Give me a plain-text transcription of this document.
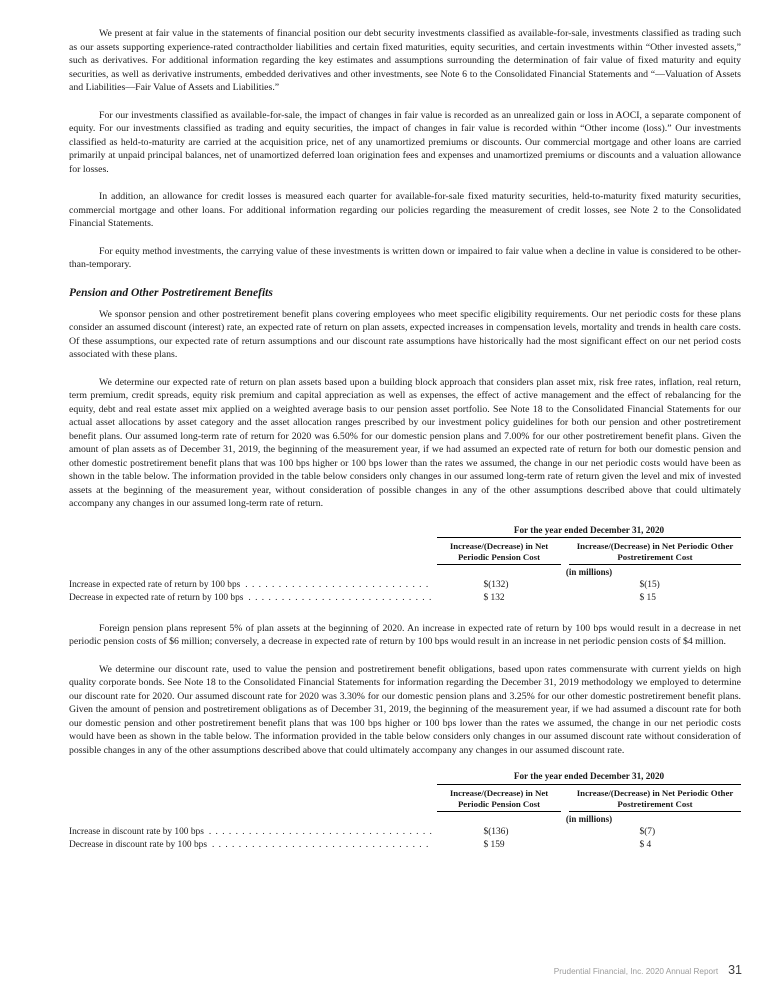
We present at fair value in the statements of financial position our debt security investments classified as available-for-sale, investments classified as trading such as our assets supporting experience-rated contractholder liabilities and certain fixed maturities, equity securities, and certain investments within “Other invested assets,” such as derivatives. For additional information regarding the key estimates and assumptions surrounding the determination of fair value of fixed maturity and equity securities, as well as derivative instruments, embedded derivatives and other investments, see Note 6 to the Consolidated Financial Statements and “—Valuation of Assets and Liabilities—Fair Value of Assets and Liabilities.”

For our investments classified as available-for-sale, the impact of changes in fair value is recorded as an unrealized gain or loss in AOCI, a separate component of equity. For our investments classified as trading and equity securities, the impact of changes in fair value is recorded within “Other income (loss).” Our investments classified as held-to-maturity are carried at the acquisition price, net of any unamortized premiums or discounts. Our commercial mortgage and other loans are carried primarily at unpaid principal balances, net of unamortized deferred loan origination fees and expenses and unamortized premiums or discounts and a valuation allowance for losses.

In addition, an allowance for credit losses is measured each quarter for available-for-sale fixed maturity securities, held-to-maturity fixed maturity securities, commercial mortgage and other loans. For additional information regarding our policies regarding the measurement of credit losses, see Note 2 to the Consolidated Financial Statements.

For equity method investments, the carrying value of these investments is written down or impaired to fair value when a decline in value is considered to be other-than-temporary.

Pension and Other Postretirement Benefits

We sponsor pension and other postretirement benefit plans covering employees who meet specific eligibility requirements. Our net periodic costs for these plans consider an assumed discount (interest) rate, an expected rate of return on plan assets, expected increases in compensation levels, mortality and trends in health care costs. Of these assumptions, our expected rate of return assumptions and our discount rate assumptions have historically had the most significant effect on our net period costs associated with these plans.

We determine our expected rate of return on plan assets based upon a building block approach that considers plan asset mix, risk free rates, inflation, real return, term premium, credit spreads, equity risk premium and capital appreciation as well as expenses, the effect of active management and the effect of rebalancing for the equity, debt and real estate asset mix applied on a weighted average basis to our pension asset portfolio. See Note 18 to the Consolidated Financial Statements for our actual asset allocations by asset category and the asset allocation ranges prescribed by our investment policy guidelines for both our pension and other postretirement benefit plans. Our assumed long-term rate of return for 2020 was 6.50% for our domestic pension plans and 7.00% for our other postretirement benefit plans. Given the amount of plan assets as of December 31, 2019, the beginning of the measurement year, if we had assumed an expected rate of return for both our domestic pension and other domestic postretirement benefit plans that was 100 bps higher or 100 bps lower than the rates we assumed, the change in our net periodic costs would have been as shown in the table below. The information provided in the table below considers only changes in our assumed long-term rate of return given the level and mix of invested assets at the beginning of the measurement year, without consideration of possible changes in any of the other assumptions described above that could ultimately accompany any changes in our assumed long-term rate of return.

For the year ended December 31, 2020
Increase/(Decrease) in Net Periodic Pension Cost
Increase/(Decrease) in Net Periodic Other Postretirement Cost
(in millions)
Increase in expected rate of return by 100 bps . . .	$(132)	$(15)
Decrease in expected rate of return by 100 bps . . .	$ 132	$ 15

Foreign pension plans represent 5% of plan assets at the beginning of 2020. An increase in expected rate of return by 100 bps would result in a decrease in net periodic pension costs of $6 million; conversely, a decrease in expected rate of return by 100 bps would result in an increase in net periodic pension costs of $4 million.

We determine our discount rate, used to value the pension and postretirement benefit obligations, based upon rates commensurate with current yields on high quality corporate bonds. See Note 18 to the Consolidated Financial Statements for information regarding the December 31, 2019 methodology we employed to determine our discount rate for 2020. Our assumed discount rate for 2020 was 3.30% for our domestic pension plans and 3.25% for our other domestic postretirement benefit plans. Given the amount of pension and postretirement obligations as of December 31, 2019, the beginning of the measurement year, if we had assumed a discount rate for both our domestic pension and other postretirement benefit plans that was 100 bps higher or 100 bps lower than the rates we assumed, the change in our net periodic costs would have been as shown in the table below. The information provided in the table below considers only changes in our assumed discount rate without consideration of possible changes in any of the other assumptions described above that could ultimately accompany any changes in our assumed discount rate.

For the year ended December 31, 2020
Increase/(Decrease) in Net Periodic Pension Cost
Increase/(Decrease) in Net Periodic Other Postretirement Cost
(in millions)
Increase in discount rate by 100 bps . . .	$(136)	$(7)
Decrease in discount rate by 100 bps . . .	$ 159	$ 4
Prudential Financial, Inc. 2020 Annual Report 31
